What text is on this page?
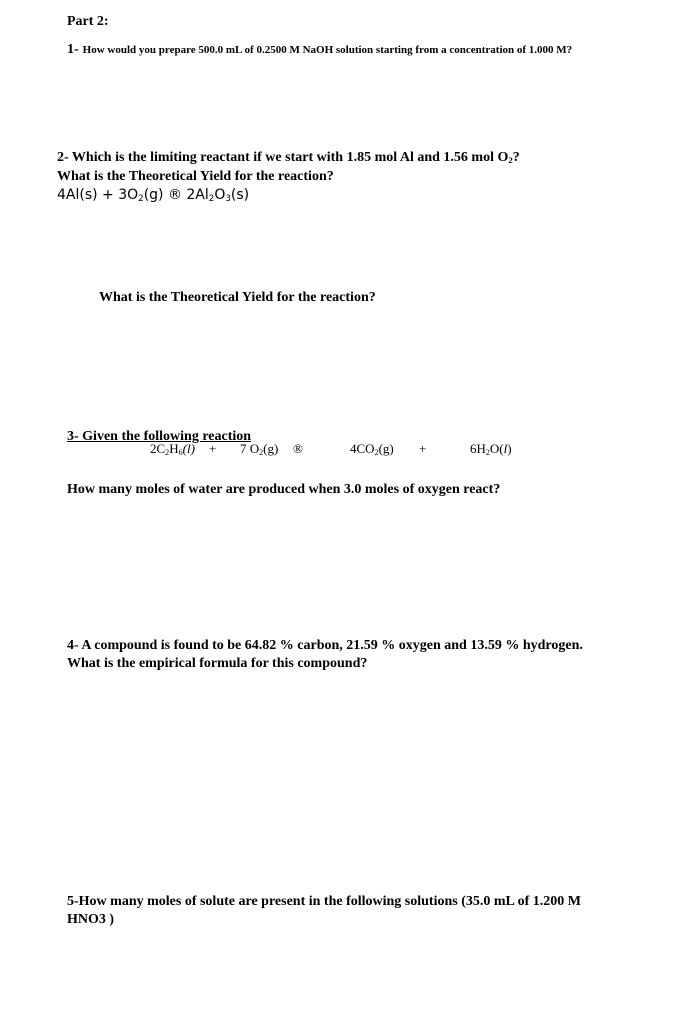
Part 2:
1- How would you prepare 500.0 mL of 0.2500 M NaOH solution starting from a concentration of 1.000 M?
2- Which is the limiting reactant if we start with 1.85 mol Al and 1.56 mol $O_2$?
What is the Theoretical Yield for the reaction?
$4Al(s) + 3O_2(g)$ ® $2Al_2O_3(s)$
What is the Theoretical Yield for the reaction?
3- Given the following reaction
$2C_2H_6(l) + 7$ $O_2(g)$ ®	$4CO_2(g)$ +	$6H_2O(l)$
How many moles of water are produced when 3.0 moles of oxygen react?
4- A compound is found to be 64.82 % carbon, 21.59 % oxygen and 13.59 % hydrogen.
What is the empirical formula for this compound?
5-How many moles of solute are present in the following solutions (35.0 mL of 1.200 M
HNO3 )
